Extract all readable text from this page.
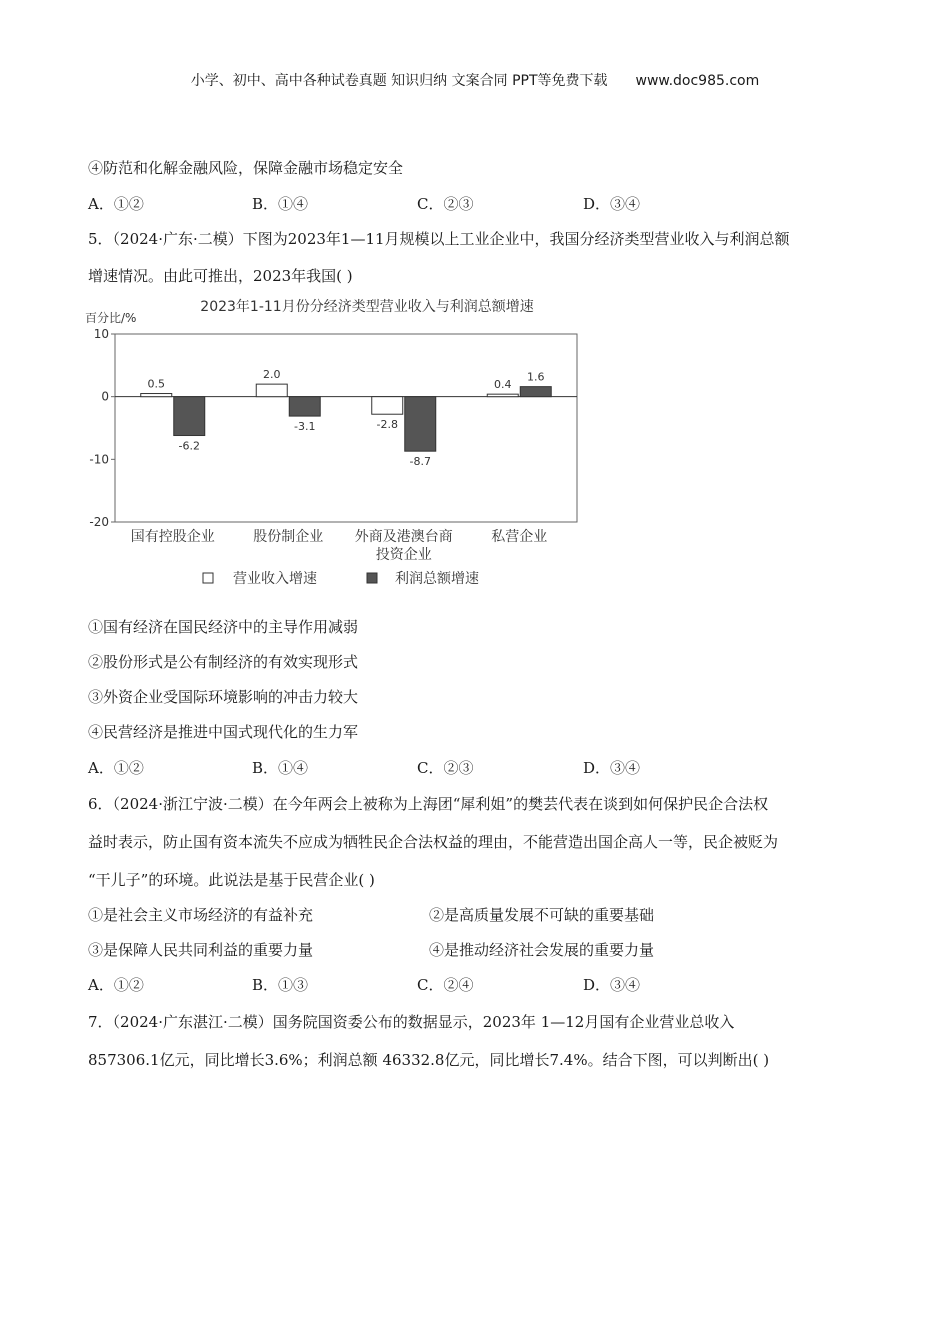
小学、初中、高中各种试卷真题 知识归纳 文案合同 PPT等免费下载 www.doc985.com
④防范和化解金融风险，保障金融市场稳定安全
A．①②	B．①④	C．②③	D．③④
5．（2024·广东·二模）下图为2023年1—11月规模以上工业企业中，我国分经济类型营业收入与利润总额
增速情况。由此可推出，2023年我国( )
2023年1-11月份分经济类型营业收入与利润总额增速
百分比/%
10
0
-10
-20
0.5
-6.2
2.0
-3.1	-2.8
-8.7
0.4
1.6
国有控股企业	股份制企业 外商及港澳台商
投资企业
私营企业
营业收入增速	利润总额增速
①国有经济在国民经济中的主导作用减弱
②股份形式是公有制经济的有效实现形式
③外资企业受国际环境影响的冲击力较大
④民营经济是推进中国式现代化的生力军
A．①②	B．①④	C．②③	D．③④
6．（2024·浙江宁波·二模）在今年两会上被称为上海团“犀利姐”的樊芸代表在谈到如何保护民企合法权
益时表示，防止国有资本流失不应成为牺牲民企合法权益的理由，不能营造出国企高人一等，民企被贬为
“干儿子”的环境。此说法是基于民营企业( )
①是社会主义市场经济的有益补充	②是高质量发展不可缺的重要基础
③是保障人民共同利益的重要力量	④是推动经济社会发展的重要力量
A．①②	B．①③	C．②④	D．③④
7．（2024·广东湛江·二模）国务院国资委公布的数据显示，2023年 1—12月国有企业营业总收入
857306.1亿元，同比增长3.6%；利润总额 46332.8亿元，同比增长7.4%。结合下图，可以判断出( )
